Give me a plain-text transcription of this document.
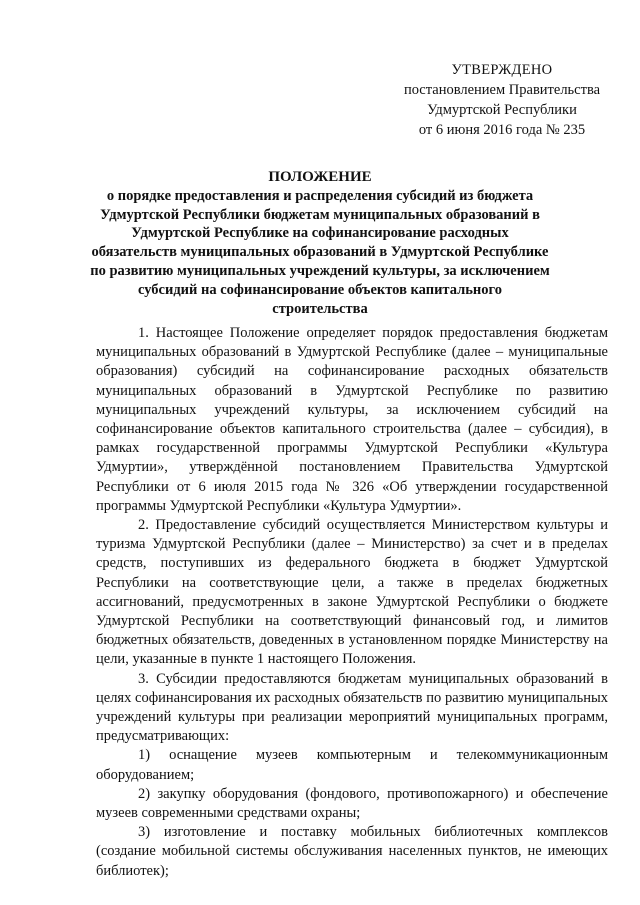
УТВЕРЖДЕНО
постановлением Правительства
Удмуртской Республики
от 6 июня 2016 года № 235
ПОЛОЖЕНИЕ
о порядке предоставления и распределения субсидий из бюджета Удмуртской Республики бюджетам муниципальных образований в Удмуртской Республике на софинансирование расходных обязательств муниципальных образований в Удмуртской Республике по развитию муниципальных учреждений культуры, за исключением субсидий на софинансирование объектов капитального строительства

1. Настоящее Положение определяет порядок предоставления бюджетам муниципальных образований в Удмуртской Республике (далее – муниципальные образования) субсидий на софинансирование расходных обязательств муниципальных образований в Удмуртской Республике по развитию муниципальных учреждений культуры, за исключением субсидий на софинансирование объектов капитального строительства (далее – субсидия), в рамках государственной программы Удмуртской Республики «Культура Удмуртии», утверждённой постановлением Правительства Удмуртской Республики от 6 июля 2015 года № 326 «Об утверждении государственной программы Удмуртской Республики «Культура Удмуртии».

2. Предоставление субсидий осуществляется Министерством культуры и туризма Удмуртской Республики (далее – Министерство) за счет и в пределах средств, поступивших из федерального бюджета в бюджет Удмуртской Республики на соответствующие цели, а также в пределах бюджетных ассигнований, предусмотренных в законе Удмуртской Республики о бюджете Удмуртской Республики на соответствующий финансовый год, и лимитов бюджетных обязательств, доведенных в установленном порядке Министерству на цели, указанные в пункте 1 настоящего Положения.

3. Субсидии предоставляются бюджетам муниципальных образований в целях софинансирования их расходных обязательств по развитию муниципальных учреждений культуры при реализации мероприятий муниципальных программ, предусматривающих:

1) оснащение музеев компьютерным и телекоммуникационным оборудованием;

2) закупку оборудования (фондового, противопожарного) и обеспечение музеев современными средствами охраны;

3) изготовление и поставку мобильных библиотечных комплексов (создание мобильной системы обслуживания населенных пунктов, не имеющих библиотек);
